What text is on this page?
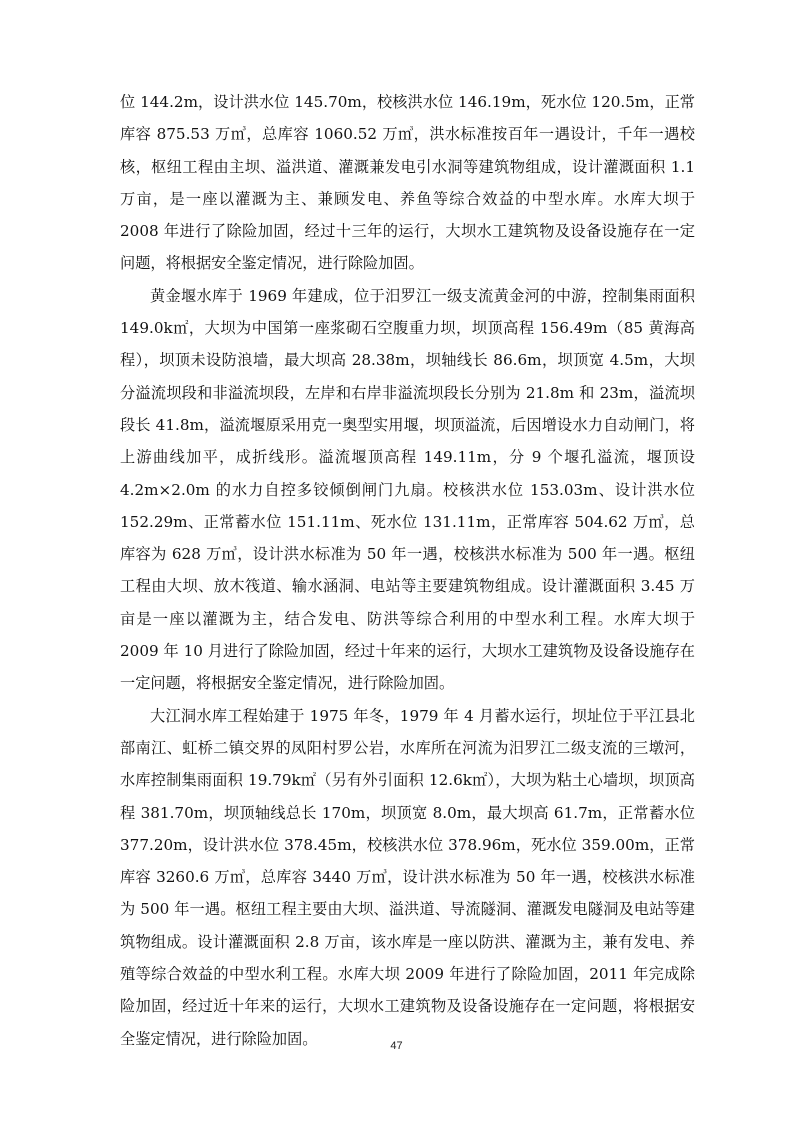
位 144.2m，设计洪水位 145.70m，校核洪水位 146.19m，死水位 120.5m，正常库容 875.53 万㎥，总库容 1060.52 万㎥，洪水标准按百年一遇设计，千年一遇校核，枢纽工程由主坝、溢洪道、灌溉兼发电引水洞等建筑物组成，设计灌溉面积 1.1 万亩，是一座以灌溉为主、兼顾发电、养鱼等综合效益的中型水库。水库大坝于 2008 年进行了除险加固，经过十三年的运行，大坝水工建筑物及设备设施存在一定问题，将根据安全鉴定情况，进行除险加固。

黄金堰水库于 1969 年建成，位于汨罗江一级支流黄金河的中游，控制集雨面积 149.0k㎡，大坝为中国第一座浆砌石空腹重力坝，坝顶高程 156.49m（85 黄海高程），坝顶未设防浪墙，最大坝高 28.38m，坝轴线长 86.6m，坝顶宽 4.5m，大坝分溢流坝段和非溢流坝段，左岸和右岸非溢流坝段长分别为 21.8m 和 23m，溢流坝段长 41.8m，溢流堰原采用克一奥型实用堰，坝顶溢流，后因增设水力自动闸门，将上游曲线加平，成折线形。溢流堰顶高程 149.11m，分 9 个堰孔溢流，堰顶设 4.2m×2.0m 的水力自控多铰倾倒闸门九扇。校核洪水位 153.03m、设计洪水位 152.29m、正常蓄水位 151.11m、死水位 131.11m，正常库容 504.62 万㎥，总库容为 628 万㎥，设计洪水标准为 50 年一遇，校核洪水标准为 500 年一遇。枢纽工程由大坝、放木筏道、输水涵洞、电站等主要建筑物组成。设计灌溉面积 3.45 万亩是一座以灌溉为主，结合发电、防洪等综合利用的中型水利工程。水库大坝于 2009 年 10 月进行了除险加固，经过十年来的运行，大坝水工建筑物及设备设施存在一定问题，将根据安全鉴定情况，进行除险加固。

大江洞水库工程始建于 1975 年冬，1979 年 4 月蓄水运行，坝址位于平江县北部南江、虹桥二镇交界的凤阳村罗公岩，水库所在河流为汨罗江二级支流的三墩河，水库控制集雨面积 19.79k㎡（另有外引面积 12.6k㎡），大坝为粘土心墙坝，坝顶高程 381.70m，坝顶轴线总长 170m，坝顶宽 8.0m，最大坝高 61.7m，正常蓄水位 377.20m，设计洪水位 378.45m，校核洪水位 378.96m，死水位 359.00m，正常库容 3260.6 万㎥，总库容 3440 万㎥，设计洪水标准为 50 年一遇，校核洪水标准为 500 年一遇。枢纽工程主要由大坝、溢洪道、导流隧洞、灌溉发电隧洞及电站等建筑物组成。设计灌溉面积 2.8 万亩，该水库是一座以防洪、灌溉为主，兼有发电、养殖等综合效益的中型水利工程。水库大坝 2009 年进行了除险加固，2011 年完成除险加固，经过近十年来的运行，大坝水工建筑物及设备设施存在一定问题，将根据安全鉴定情况，进行除险加固。	47
